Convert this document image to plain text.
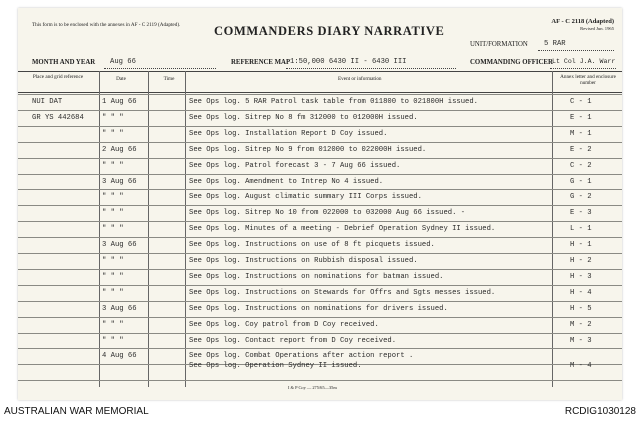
This form is to be enclosed with the annexes in AF - C 2119 (Adapted).	COMMANDERS DIARY NARRATIVE
AF - C 2118 (Adapted)
Revised Jun. 1965
UNIT/FORMATION 5 RAR
MONTH AND YEAR Aug 66	REFERENCE MAP 1:50,000 6430 II - 6430 III	COMMANDING OFFICER Lt Col J.A. Warr
Place and grid reference	Date	Time	Event or information	Annex letter and enclosure number
NUI DAT	1 Aug 66	See Ops log. 5 RAR Patrol task table from 011800 to 021800H issued.	C - 1
GR YS 442684	" " "	See Ops log. Sitrep No 8 fm 312000 to 012000H issued.	E - 1
" " "	See Ops log. Installation Report D Coy issued.	M - 1
2 Aug 66	See Ops log. Sitrep No 9 from 012000 to 022000H issued.	E - 2
" " "	See Ops log. Patrol forecast 3 - 7 Aug 66 issued.	C - 2
3 Aug 66	See Ops log. Amendment to Intrep No 4 issued.	G - 1
" " "	See Ops log. August climatic summary III Corps issued.	G - 2
" " "	See Ops log. Sitrep No 10 from 022000 to 032000 Aug 66 issued. -	E - 3
" " "	See Ops log. Minutes of a meeting - Debrief Operation Sydney II issued.	L - 1
3 Aug 66	See Ops log. Instructions on use of 8 ft picquets issued.	H - 1
" " "	See Ops log. Instructions on Rubbish disposal issued.	H - 2
" " "	See Ops log. Instructions on nominations for batman issued.	H - 3
" " "	See Ops log. Instructions on Stewards for Offrs and Sgts messes issued.	H - 4
3 Aug 66	See Ops log. Instructions on nominations for drivers issued.	H - 5
" " "	See Ops log. Coy patrol from D Coy received.	M - 2
" " "	See Ops log. Contact report from D Coy received.	M - 3
4 Aug 66	See Ops log. Combat Operations after action report .
See Ops log. Operation Sydney II issued.	M - 4
I & P Coy — 275/65—35m
AUSTRALIAN WAR MEMORIAL	RCDIG1030128
